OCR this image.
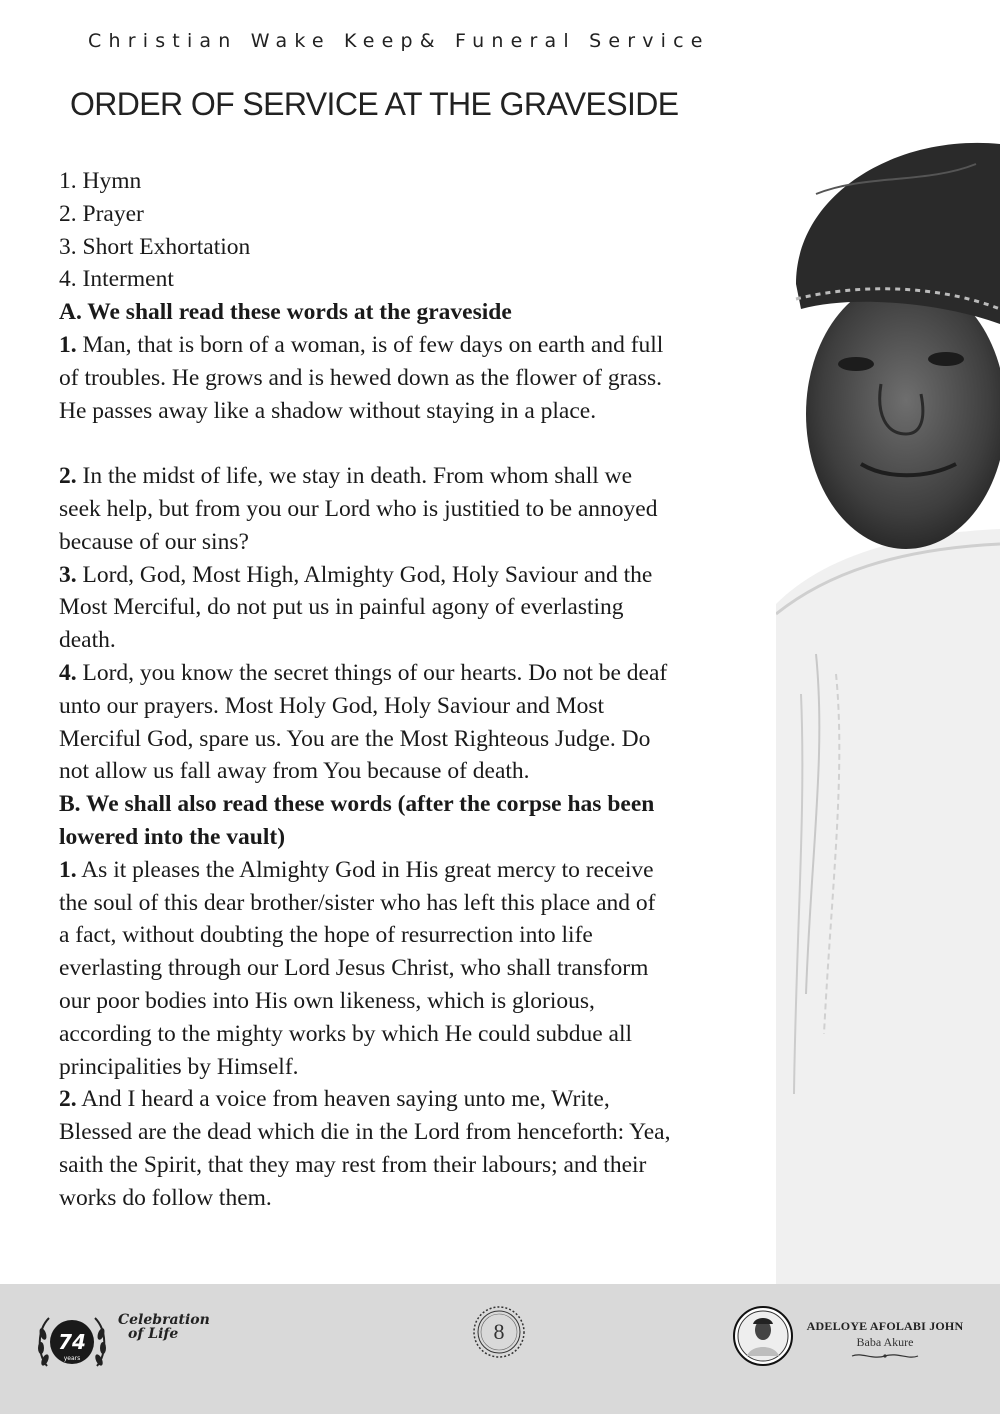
Christian Wake Keep& Funeral Service
ORDER OF SERVICE AT THE GRAVESIDE
1. Hymn
2. Prayer
3. Short Exhortation
4. Interment
A. We shall read these words at the graveside
1. Man, that is born of a woman, is of few days on earth and full
of troubles. He grows and is hewed down as the flower of grass.
He passes away like a shadow without staying in a place.
2. In the midst of life, we stay in death. From whom shall we
seek help, but from you our Lord who is justitied to be annoyed
because of our sins?
3. Lord, God, Most High, Almighty God, Holy Saviour and the
Most Merciful, do not put us in painful agony of everlasting
death.
4. Lord, you know the secret things of our hearts. Do not be deaf
unto our prayers. Most Holy God, Holy Saviour and Most
Merciful God, spare us. You are the Most Righteous Judge. Do
not allow us fall away from You because of death.
B. We shall also read these words (after the corpse has been
lowered into the vault)
1. As it pleases the Almighty God in His great mercy to receive
the soul of this dear brother/sister who has left this place and of
a fact, without doubting the hope of resurrection into life
everlasting through our Lord Jesus Christ, who shall transform
our poor bodies into His own likeness, which is glorious,
according to the mighty works by which He could subdue all
principalities by Himself.
2. And I heard a voice from heaven saying unto me, Write,
Blessed are the dead which die in the Lord from henceforth: Yea,
saith the Spirit, that they may rest from their labours; and their
works do follow them.
74
years
Celebration
of Life	8	ADELOYE AFOLABI JOHN
Baba Akure
